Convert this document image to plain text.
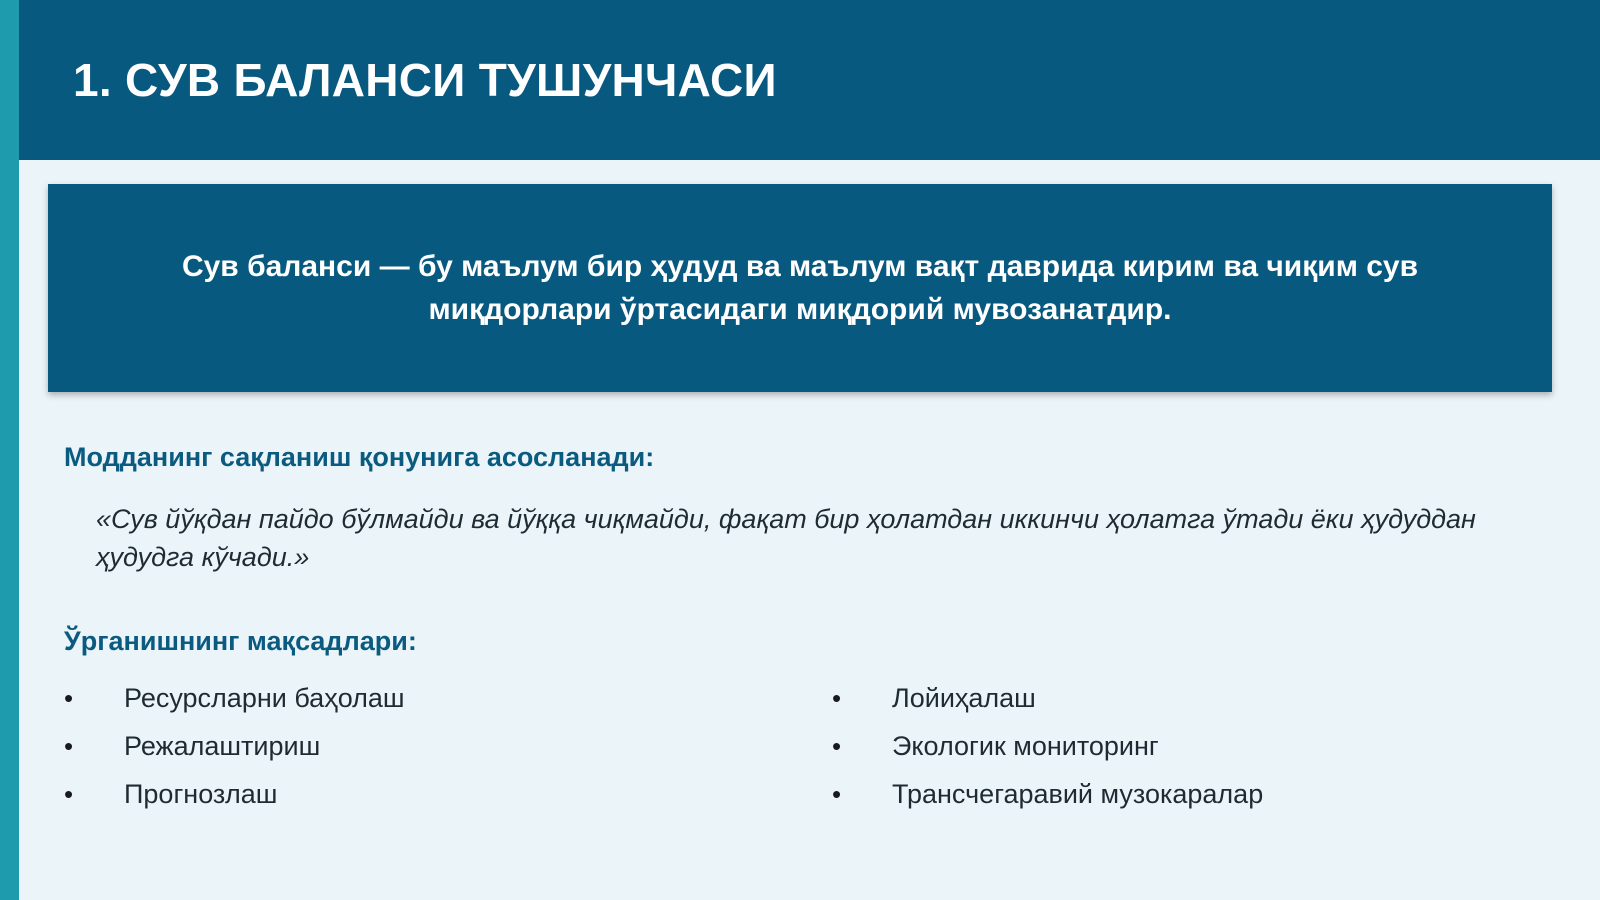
1. СУВ БАЛАНСИ ТУШУНЧАСИ

Сув баланси — бу маълум бир ҳудуд ва маълум вақт даврида кирим ва чиқим сув миқдорлари ўртасидаги миқдорий мувозанатдир.

Модданинг сақланиш қонунига асосланади:

«Сув йўқдан пайдо бўлмайди ва йўққа чиқмайди, фақат бир ҳолатдан иккинчи ҳолатга ўтади ёки ҳудуддан ҳудудга кўчади.»

Ўрганишнинг мақсадлари:
• Ресурсларни баҳолаш
• Режалаштириш
• Прогнозлаш
• Лойиҳалаш
• Экологик мониторинг
• Трансчегаравий музокаралар
